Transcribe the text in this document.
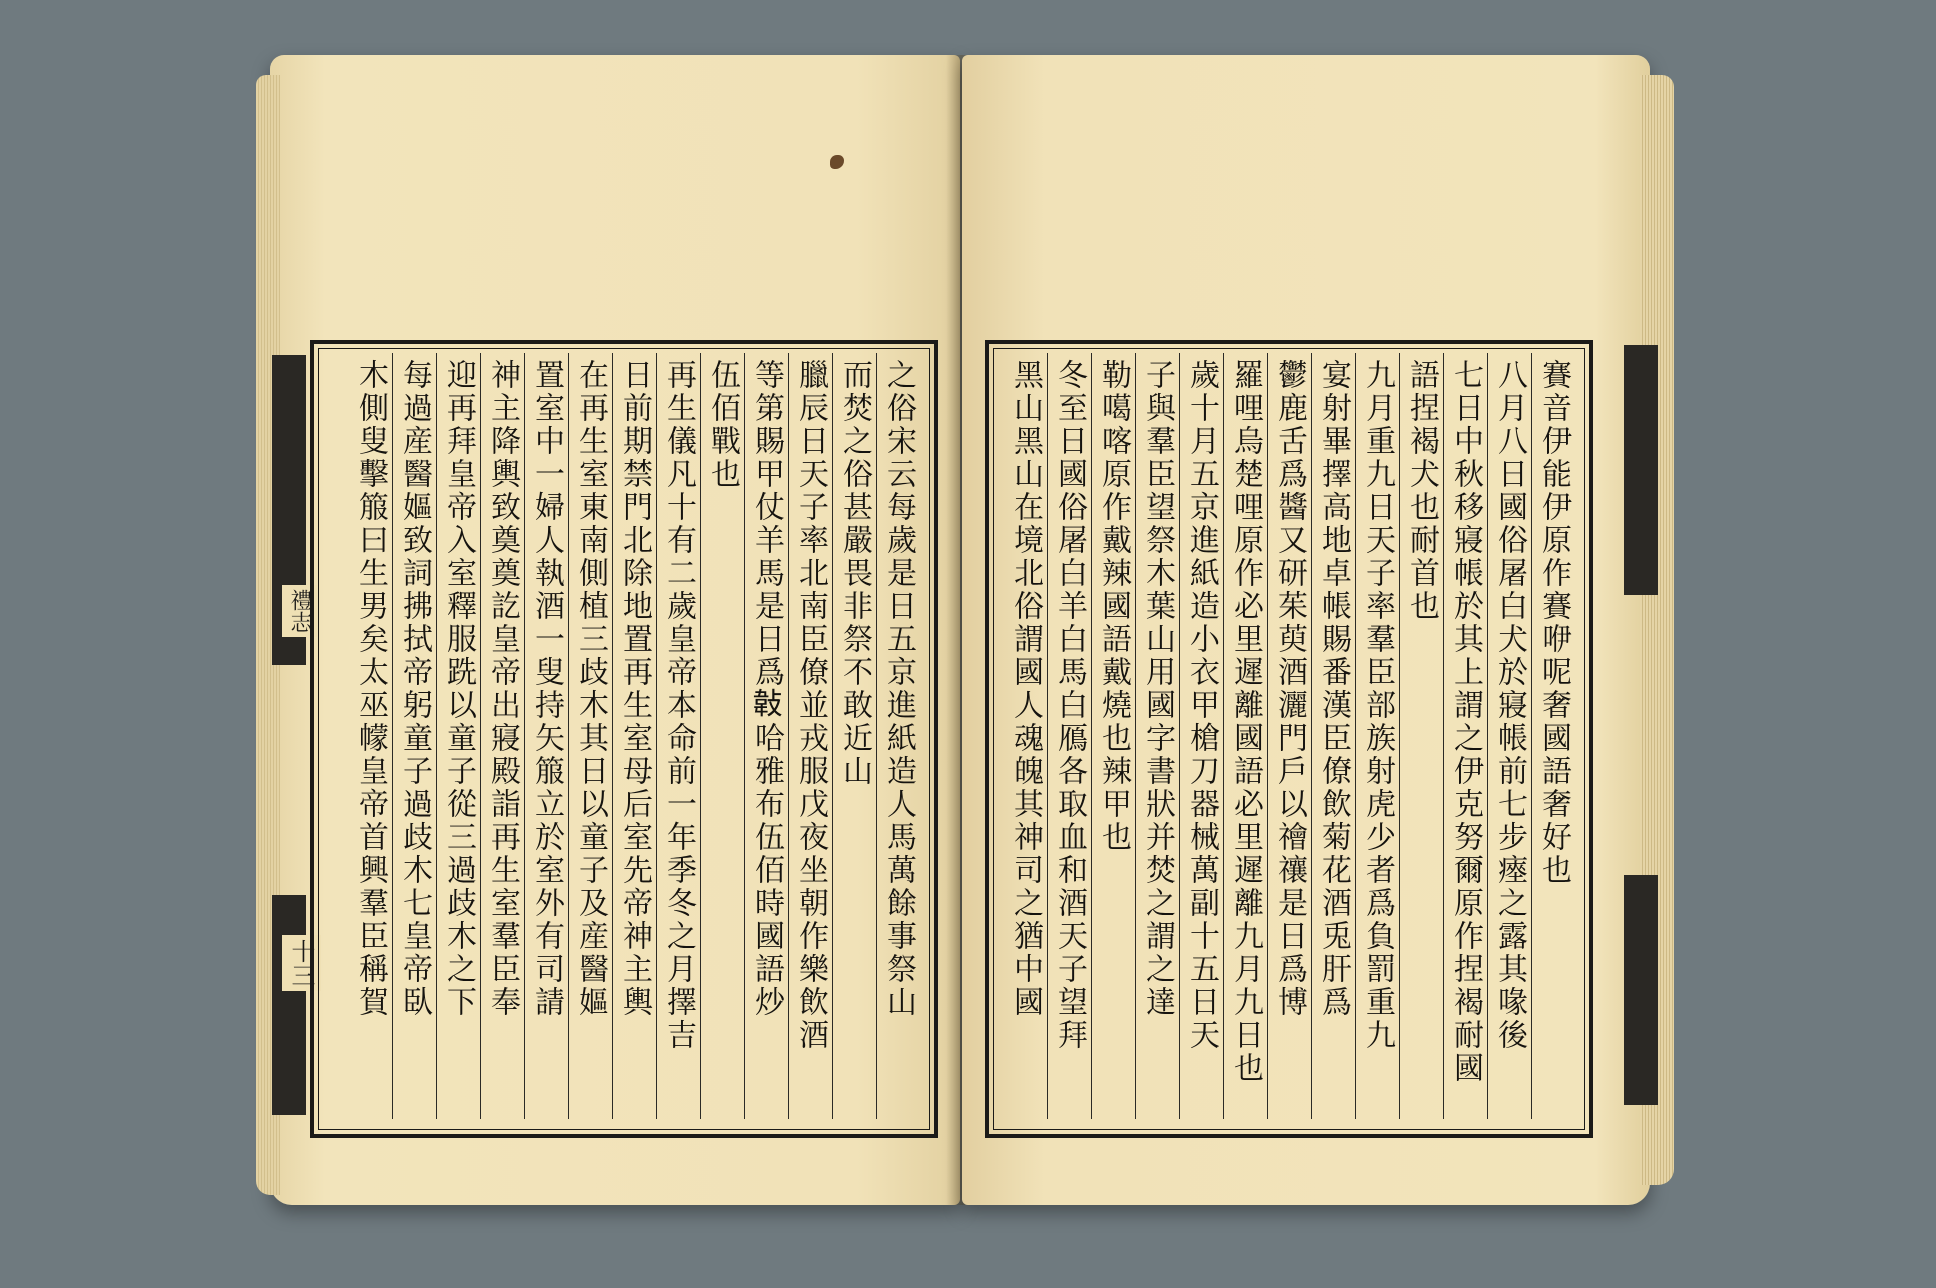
禮志
十三	之俗宋云每歲是日五京進紙造人馬萬餘事祭山
而焚之俗甚嚴畏非祭不敢近山
臘辰日天子率北南臣僚並戎服戊夜坐朝作樂飲酒
等第賜甲仗羊馬是日爲𢾁哈雅布伍佰時國語炒
伍佰戰也
再生儀凡十有二歲皇帝本命前一年季冬之月擇吉
日前期禁門北除地置再生室母后室先帝神主輿
在再生室東南側植三歧木其日以童子及産醫嫗
置室中一婦人執酒一叟持矢箙立於室外有司請
神主降輿致奠奠訖皇帝出寢殿詣再生室羣臣奉
迎再拜皇帝入室釋服跣以童子從三過歧木之下
每過産醫嫗致詞拂拭帝躬童子過歧木七皇帝臥
木側叟擊箙曰生男矣太巫幪皇帝首興羣臣稱賀	賽音伊能伊原作賽咿呢奢國語奢好也
八月八日國俗屠白犬於寢帳前七步瘞之露其喙後
七日中秋移寢帳於其上謂之伊克努爾原作捏褐耐國
語捏褐犬也耐首也
九月重九日天子率羣臣部族射虎少者爲負罰重九
宴射畢擇高地卓帳賜番漢臣僚飲菊花酒兎肝爲
鬱鹿舌爲醬又研茱萸酒灑門戶以禬禳是日爲博
羅哩烏楚哩原作必里遲離國語必里遲離九月九日也
歲十月五京進紙造小衣甲槍刀器械萬副十五日天
子與羣臣望祭木葉山用國字書狀并焚之謂之達
勒噶喀原作戴辣國語戴燒也辣甲也
冬至日國俗屠白羊白馬白鴈各取血和酒天子望拜
黑山黑山在境北俗謂國人魂魄其神司之猶中國
